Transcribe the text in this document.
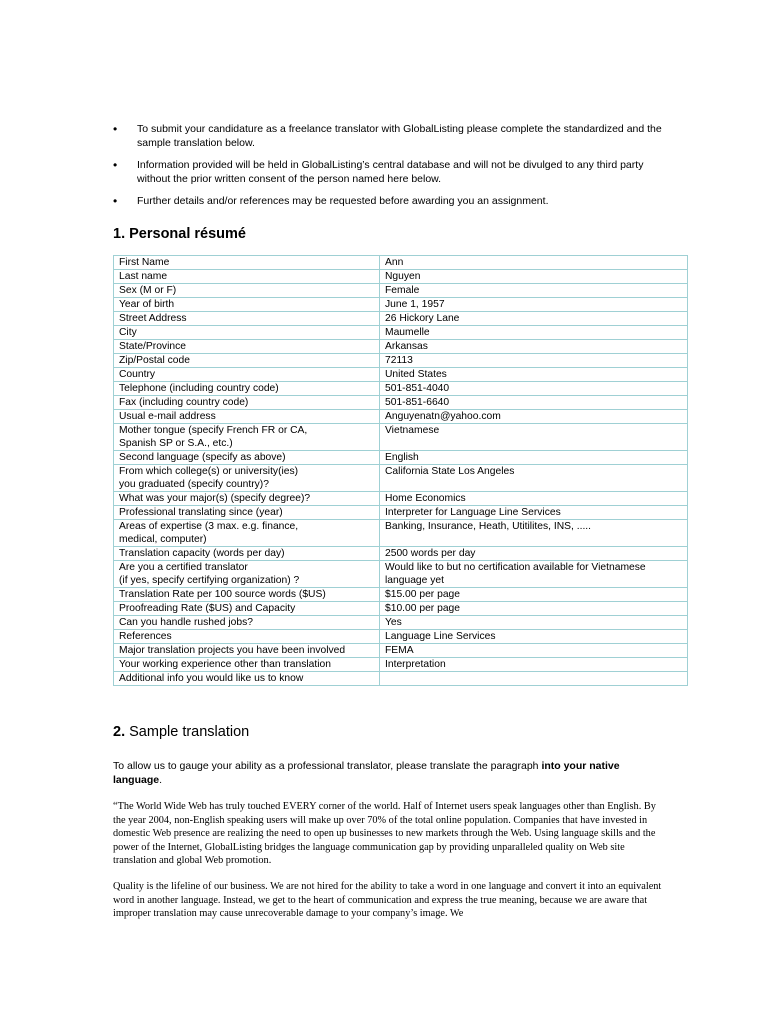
• To submit your candidature as a freelance translator with GlobalListing please complete the standardized and the sample translation below.
• Information provided will be held in GlobalListing’s central database and will not be divulged to any third party without the prior written consent of the person named here below.
• Further details and/or references may be requested before awarding you an assignment.
1. Personal résumé
First Name	Ann
Last name	Nguyen
Sex (M or F)	Female
Year of birth	June 1, 1957
Street Address	26 Hickory Lane
City	Maumelle
State/Province	Arkansas
Zip/Postal code	72113
Country	United States
Telephone (including country code)	501-851-4040
Fax (including country code)	501-851-6640
Usual e-mail address	Anguyenatn@yahoo.com
Mother tongue (specify French FR or CA,
Spanish SP or S.A., etc.)	Vietnamese
Second language (specify as above)	English
From which college(s) or university(ies)
you graduated (specify country)?	California State Los Angeles
What was your major(s) (specify degree)?	Home Economics
Professional translating since (year)	Interpreter for Language Line Services
Areas of expertise (3 max. e.g. finance,
medical, computer)	Banking, Insurance, Heath, Utitilites, INS, .....
Translation capacity (words per day)	2500 words per day
Are you a certified translator
(if yes, specify certifying organization) ?	Would like to but no certification available for Vietnamese language yet
Translation Rate per 100 source words ($US)	$15.00 per page
Proofreading Rate ($US) and Capacity	$10.00 per page
Can you handle rushed jobs?	Yes
References	Language Line Services
Major translation projects you have been involved	FEMA
Your working experience other than translation	Interpretation
Additional info you would like us to know	
2. Sample translation

To allow us to gauge your ability as a professional translator, please translate the paragraph into your native language.

“The World Wide Web has truly touched EVERY corner of the world. Half of Internet users speak languages other than English. By the year 2004, non-English speaking users will make up over 70% of the total online population. Companies that have invested in domestic Web presence are realizing the need to open up businesses to new markets through the Web. Using language skills and the power of the Internet, GlobalListing bridges the language communication gap by providing unparalleled quality on Web site translation and global Web promotion.

Quality is the lifeline of our business. We are not hired for the ability to take a word in one language and convert it into an equivalent word in another language. Instead, we get to the heart of communication and express the true meaning, because we are aware that improper translation may cause unrecoverable damage to your company’s image. We
